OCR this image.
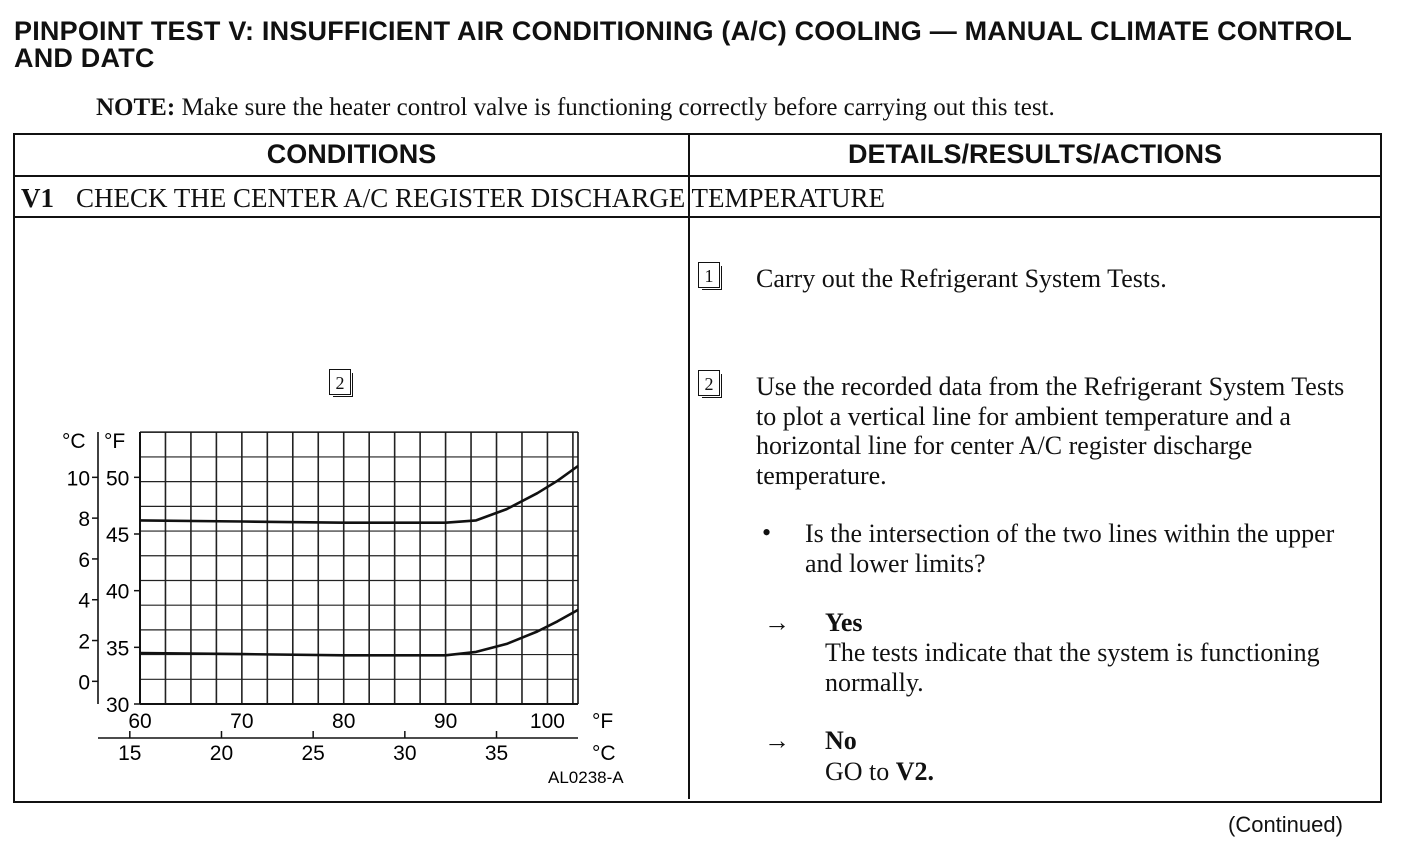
PINPOINT TEST V: INSUFFICIENT AIR CONDITIONING (A/C) COOLING — MANUAL CLIMATE CONTROL AND DATC
NOTE: Make sure the heater control valve is functioning correctly before carrying out this test.
CONDITIONS	DETAILS/RESULTS/ACTIONS
V1 CHECK THE CENTER A/C REGISTER DISCHARGE TEMPERATURE
1 Carry out the Refrigerant System Tests.
2 Use the recorded data from the Refrigerant System Tests to plot a vertical line for ambient temperature and a horizontal line for center A/C register discharge temperature.
• Is the intersection of the two lines within the upper and lower limits?
→ Yes
The tests indicate that the system is functioning normally.
→ No
GO to V2.
2
30
35
40
45
50
0
2
4
6
8
10
60	70	80	90	100
15	20	25	30	35
°C °F
°F
°C
AL0238-A
(Continued)
